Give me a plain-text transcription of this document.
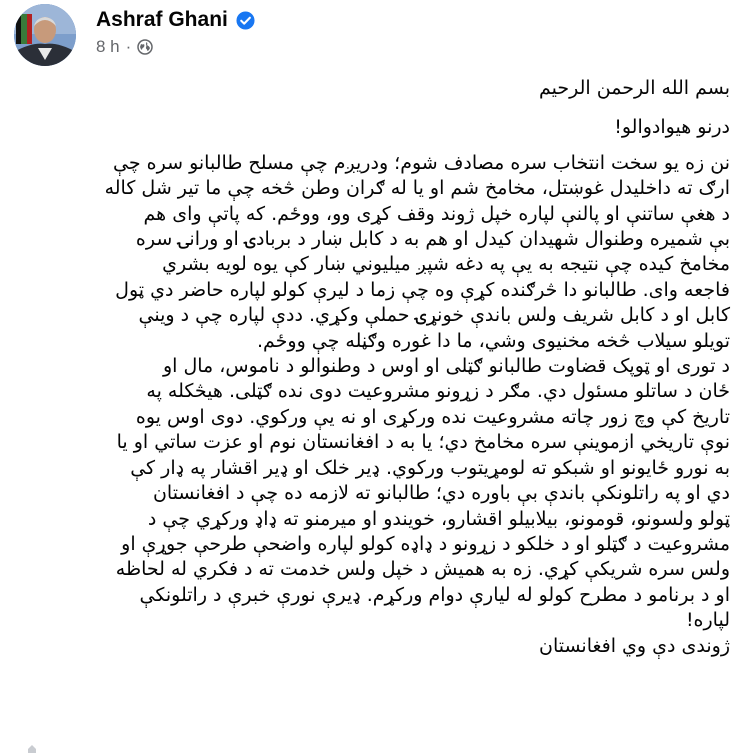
Ashraf Ghani
8 h ·

بسم الله الرحمن الرحیم

درنو هیوادوالو!

نن زه یو سخت انتخاب سره مصادف شوم؛ ودریږم چې مسلح طالبانو سره چې

ارګ ته داخلیدل غوښتل، مخامخ شم او یا له ګران وطن څخه چې ما تیر شل کاله

د هغې ساتنې او پالنې لپاره خپل ژوند وقف کړی وو، ووځم. که پاتې وای هم

بې شمیره وطنوال شهیدان کیدل او هم به د کابل ښار د بربادۍ او ورانۍ سره

مخامخ کیده چې نتیجه به یې په دغه شپږ میلیوني ښار کې یوه لویه بشري

فاجعه وای. طالبانو دا څرګنده کړې وه چې زما د لیرې کولو لپاره حاضر دي ټول

کابل او د کابل شریف ولس باندې خونړۍ حملې وکړي. ددې لپاره چې د وینې

تویلو سیلاب څخه مخنیوی وشي، ما دا غوره وګڼله چې ووځم.

د توری او ټوپک قضاوت طالبانو ګټلی او اوس د وطنوالو د ناموس، مال او

ځان د ساتلو مسئول دي. مګر د زړونو مشروعیت دوی نده ګټلی. هیڅکله په

تاریخ کې وچ زور چاته مشروعیت نده ورکړی او نه یې ورکوي. دوی اوس یوه

نوې تاریخي ازموینې سره مخامخ دي؛ یا به د افغانستان نوم او عزت ساتي او یا

به نورو ځایونو او شبکو ته لومړیتوب ورکوي. ډیر خلک او ډیر اقشار په ډار کې

دي او په راتلونکې باندې بې باوره دي؛ طالبانو ته لازمه ده چې د افغانستان

ټولو ولسونو، قومونو، بیلابیلو اقشارو، خویندو او میرمنو ته ډاډ ورکړي چې د

مشروعیت د ګټلو او د خلکو د زړونو د ډاډه کولو لپاره واضحې طرحې جوړې او

ولس سره شریکې کړي. زه به همیش د خپل ولس خدمت ته د فکري له لحاظه

او د برنامو د مطرح کولو له لیارې دوام ورکړم. ډیرې نورې خبرې د راتلونکې

لپاره!

ژوندی دې وي افغانستان
